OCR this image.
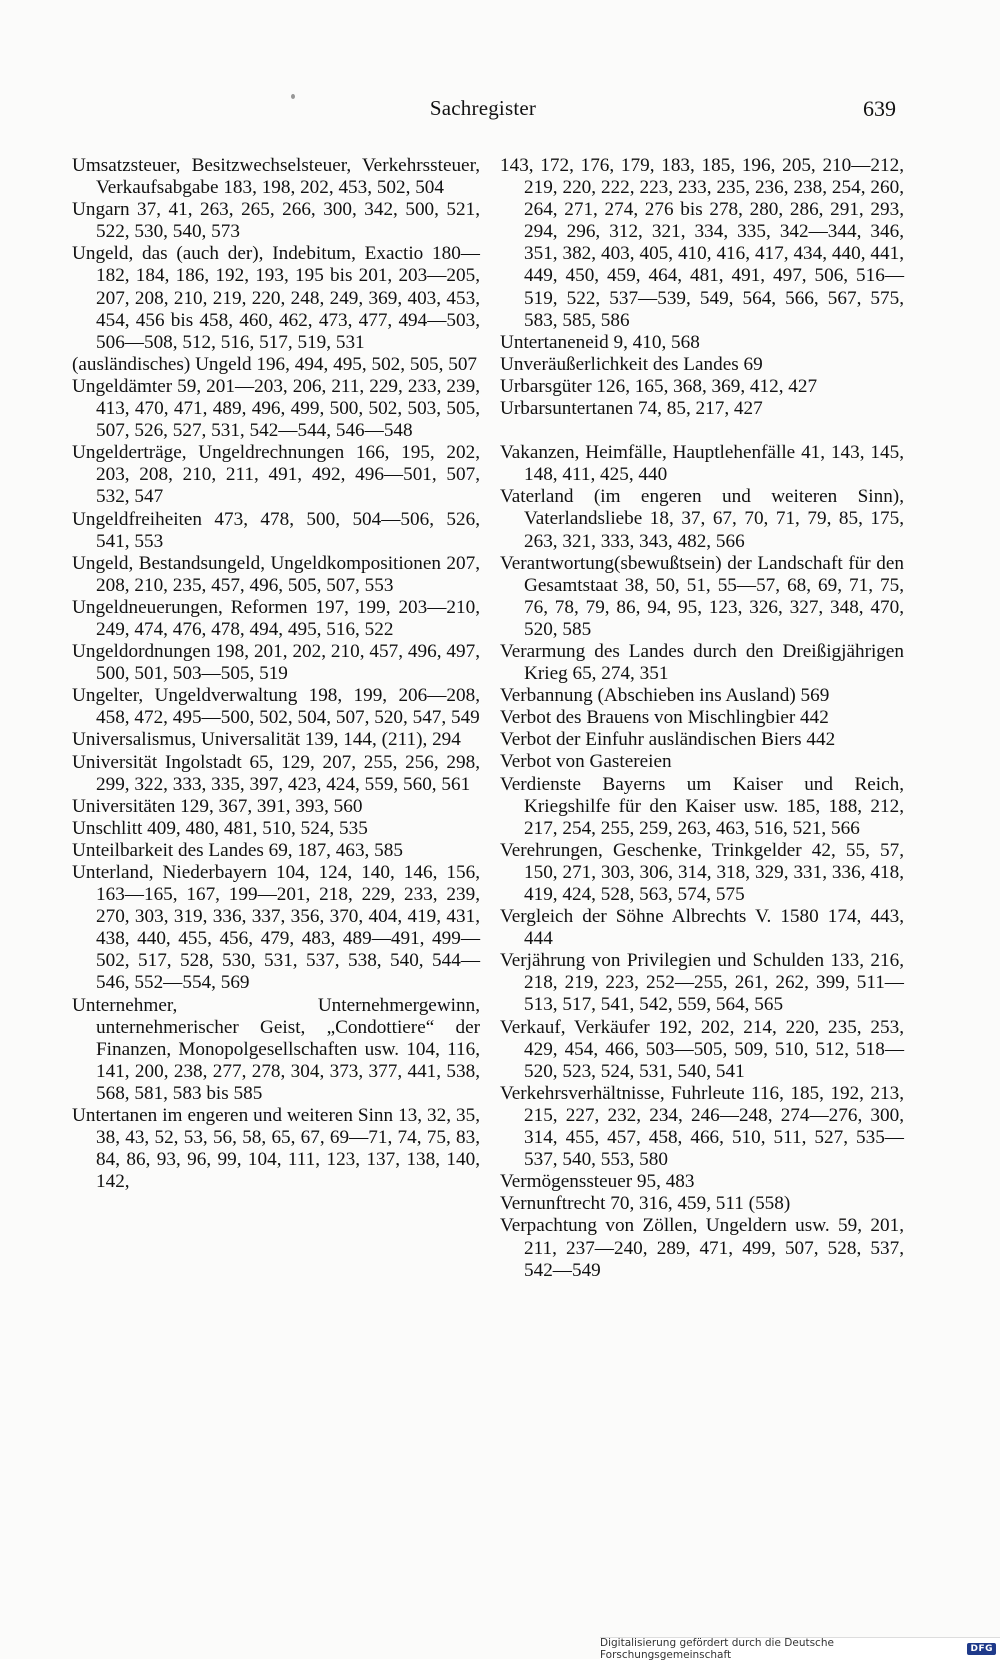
Sachregister	639

Umsatzsteuer, Besitzwechselsteuer, Verkehrssteuer, Verkaufsabgabe 183, 198, 202, 453, 502, 504

Ungarn 37, 41, 263, 265, 266, 300, 342, 500, 521, 522, 530, 540, 573

Ungeld, das (auch der), Indebitum, Exactio 180—182, 184, 186, 192, 193, 195 bis 201, 203—205, 207, 208, 210, 219, 220, 248, 249, 369, 403, 453, 454, 456 bis 458, 460, 462, 473, 477, 494—503, 506—508, 512, 516, 517, 519, 531

(ausländisches) Ungeld 196, 494, 495, 502, 505, 507

Ungeldämter 59, 201—203, 206, 211, 229, 233, 239, 413, 470, 471, 489, 496, 499, 500, 502, 503, 505, 507, 526, 527, 531, 542—544, 546—548

Ungelderträge, Ungeldrechnungen 166, 195, 202, 203, 208, 210, 211, 491, 492, 496—501, 507, 532, 547

Ungeldfreiheiten 473, 478, 500, 504—506, 526, 541, 553

Ungeld, Bestandsungeld, Ungeldkompositionen 207, 208, 210, 235, 457, 496, 505, 507, 553

Ungeldneuerungen, Reformen 197, 199, 203—210, 249, 474, 476, 478, 494, 495, 516, 522

Ungeldordnungen 198, 201, 202, 210, 457, 496, 497, 500, 501, 503—505, 519

Ungelter, Ungeldverwaltung 198, 199, 206—208, 458, 472, 495—500, 502, 504, 507, 520, 547, 549

Universalismus, Universalität 139, 144, (211), 294

Universität Ingolstadt 65, 129, 207, 255, 256, 298, 299, 322, 333, 335, 397, 423, 424, 559, 560, 561

Universitäten 129, 367, 391, 393, 560

Unschlitt 409, 480, 481, 510, 524, 535

Unteilbarkeit des Landes 69, 187, 463, 585

Unterland, Niederbayern 104, 124, 140, 146, 156, 163—165, 167, 199—201, 218, 229, 233, 239, 270, 303, 319, 336, 337, 356, 370, 404, 419, 431, 438, 440, 455, 456, 479, 483, 489—491, 499—502, 517, 528, 530, 531, 537, 538, 540, 544—546, 552—554, 569

Unternehmer, Unternehmergewinn, unternehmerischer Geist, „Condottiere“ der Finanzen, Monopolgesellschaften usw. 104, 116, 141, 200, 238, 277, 278, 304, 373, 377, 441, 538, 568, 581, 583 bis 585

Untertanen im engeren und weiteren Sinn 13, 32, 35, 38, 43, 52, 53, 56, 58, 65, 67, 69—71, 74, 75, 83, 84, 86, 93, 96, 99, 104, 111, 123, 137, 138, 140, 142,

143, 172, 176, 179, 183, 185, 196, 205, 210—212, 219, 220, 222, 223, 233, 235, 236, 238, 254, 260, 264, 271, 274, 276 bis 278, 280, 286, 291, 293, 294, 296, 312, 321, 334, 335, 342—344, 346, 351, 382, 403, 405, 410, 416, 417, 434, 440, 441, 449, 450, 459, 464, 481, 491, 497, 506, 516—519, 522, 537—539, 549, 564, 566, 567, 575, 583, 585, 586

Untertaneneid 9, 410, 568

Unveräußerlichkeit des Landes 69

Urbarsgüter 126, 165, 368, 369, 412, 427

Urbarsuntertanen 74, 85, 217, 427

Vakanzen, Heimfälle, Hauptlehenfälle 41, 143, 145, 148, 411, 425, 440

Vaterland (im engeren und weiteren Sinn), Vaterlandsliebe 18, 37, 67, 70, 71, 79, 85, 175, 263, 321, 333, 343, 482, 566

Verantwortung(sbewußtsein) der Landschaft für den Gesamtstaat 38, 50, 51, 55—57, 68, 69, 71, 75, 76, 78, 79, 86, 94, 95, 123, 326, 327, 348, 470, 520, 585

Verarmung des Landes durch den Dreißigjährigen Krieg 65, 274, 351

Verbannung (Abschieben ins Ausland) 569

Verbot des Brauens von Mischlingbier 442

Verbot der Einfuhr ausländischen Biers 442

Verbot von Gastereien

Verdienste Bayerns um Kaiser und Reich, Kriegshilfe für den Kaiser usw. 185, 188, 212, 217, 254, 255, 259, 263, 463, 516, 521, 566

Verehrungen, Geschenke, Trinkgelder 42, 55, 57, 150, 271, 303, 306, 314, 318, 329, 331, 336, 418, 419, 424, 528, 563, 574, 575

Vergleich der Söhne Albrechts V. 1580 174, 443, 444

Verjährung von Privilegien und Schulden 133, 216, 218, 219, 223, 252—255, 261, 262, 399, 511—513, 517, 541, 542, 559, 564, 565

Verkauf, Verkäufer 192, 202, 214, 220, 235, 253, 429, 454, 466, 503—505, 509, 510, 512, 518—520, 523, 524, 531, 540, 541

Verkehrsverhältnisse, Fuhrleute 116, 185, 192, 213, 215, 227, 232, 234, 246—248, 274—276, 300, 314, 455, 457, 458, 466, 510, 511, 527, 535—537, 540, 553, 580

Vermögenssteuer 95, 483

Vernunftrecht 70, 316, 459, 511 (558)

Verpachtung von Zöllen, Ungeldern usw. 59, 201, 211, 237—240, 289, 471, 499, 507, 528, 537, 542—549

Digitalisierung gefördert durch die Deutsche Forschungsgemeinschaft	DFG
